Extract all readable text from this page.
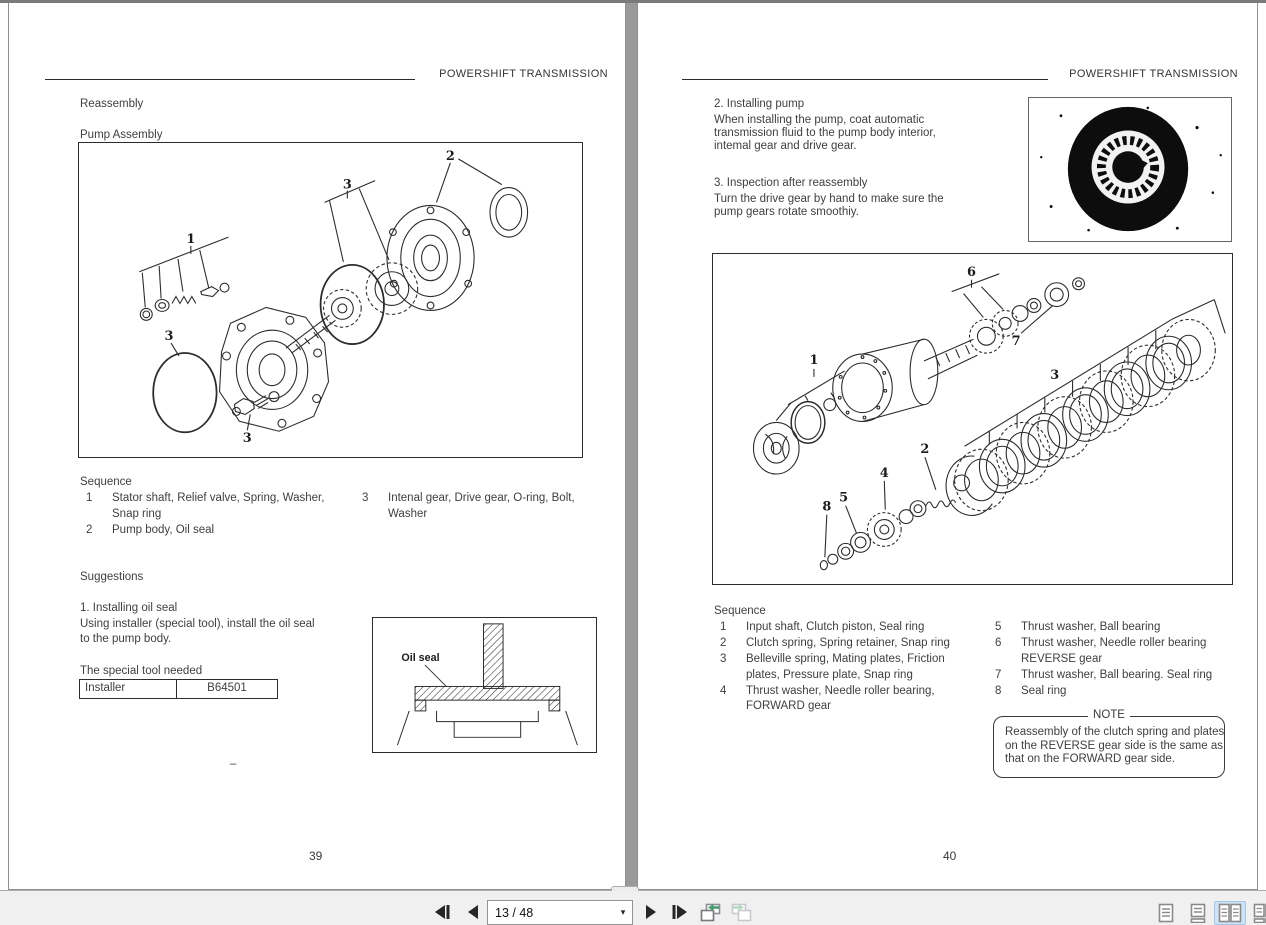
POWERSHIFT TRANSMISSION
Reassembly
Pump Assembly
1
2
3
3
3
Sequence
1 Stator shaft, Relief valve, Spring, Washer,
Snap ring
2 Pump body, Oil seal
3 Intenal gear, Drive gear, O-ring, Bolt,
Washer
Suggestions
1. Installing oil seal
Using installer (special tool), install the oil seal
to the pump body.
The special tool needed
Installer	B64501
Oil seal
–
39
POWERSHIFT TRANSMISSION
2. Installing pump
When installing the pump, coat automatic
transmission fluid to the pump body interior,
intemal gear and drive gear.
3. Inspection after reassembly
Turn the drive gear by hand to make sure the
pump gears rotate smoothiy.
1
2
3
4
5
6
7
8
Sequence
1 Input shaft, Clutch piston, Seal ring
2 Clutch spring, Spring retainer, Snap ring
3 Belleville spring, Mating plates, Friction
plates, Pressure plate, Snap ring
4 Thrust washer, Needle roller bearing,
FORWARD gear
5 Thrust washer, Ball bearing
6 Thrust washer, Needle roller bearing
REVERSE gear
7 Thrust washer, Ball bearing. Seal ring
8 Seal ring
NOTE
Reassembly of the clutch spring and plates
on the REVERSE gear side is the same as
that on the FORWARD gear side.
40
13 / 48	▾
